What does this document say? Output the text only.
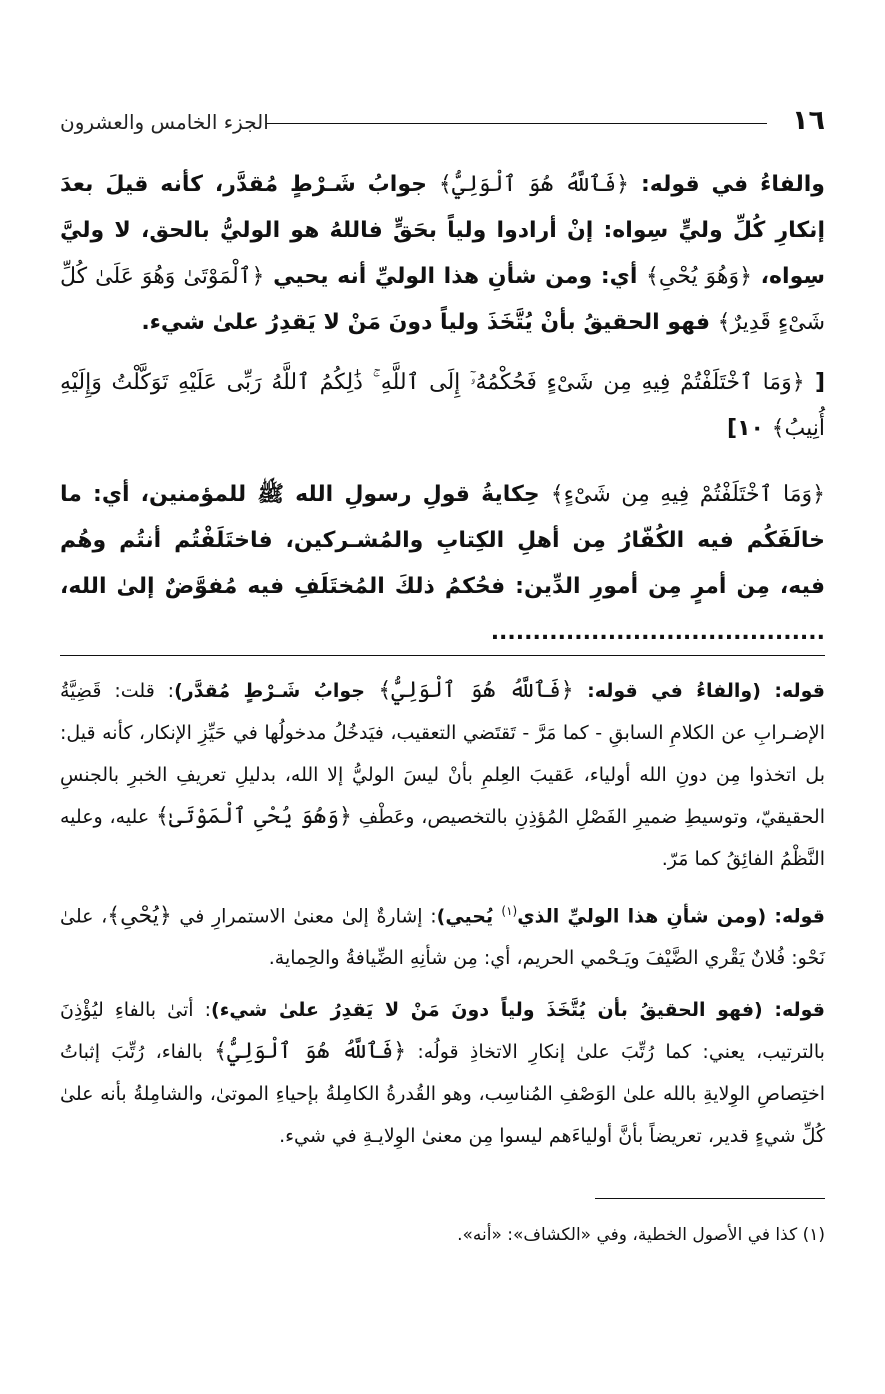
١٦
الجزء الخامس والعشرون

والفاءُ في قوله: ﴿فَٱللَّهُ هُوَ ٱلْوَلِيُّ﴾ جوابُ شَـرْطٍ مُقدَّر، كأنه قيلَ بعدَ إنكارِ كُلِّ وليٍّ سِواه: إنْ أرادوا ولياً بحَقٍّ فاللهُ هو الوليُّ بالحق، لا وليَّ سِواه، ﴿وَهُوَ يُحْىِ﴾ أي: ومن شأنِ هذا الوليِّ أنه يحيي ﴿ٱلْمَوْتَىٰ وَهُوَ عَلَىٰ كُلِّ شَىْءٍ قَدِيرٌ﴾ فهو الحقيقُ بأنْ يُتَّخَذَ ولياً دونَ مَنْ لا يَقدِرُ علىٰ شيء.

[ ﴿وَمَا ٱخْتَلَفْتُمْ فِيهِ مِن شَىْءٍ فَحُكْمُهُۥٓ إِلَى ٱللَّهِ ۚ ذَٰلِكُمُ ٱللَّهُ رَبِّى عَلَيْهِ تَوَكَّلْتُ وَإِلَيْهِ أُنِيبُ﴾ ١٠]

﴿وَمَا ٱخْتَلَفْتُمْ فِيهِ مِن شَىْءٍ﴾ حِكايةُ قولِ رسولِ الله ﷺ للمؤمنين، أي: ما خالَفَكُم فيه الكُفّارُ مِن أهلِ الكِتابِ والمُشـركين، فاختَلَفْتُم أنتُم وهُم فيه، مِن أمرٍ مِن أمورِ الدِّين: فحُكمُ ذلكَ المُختَلَفِ فيه مُفوَّضٌ إلىٰ الله، ........................................

قوله: (والفاءُ في قوله: ﴿فَٱللَّهُ هُوَ ٱلْوَلِيُّ﴾ جوابُ شَـرْطٍ مُقدَّر): قلت: قَضِيَّةُ الإضـرابِ عن الكلامِ السابقِ - كما مَرَّ - تَقتَضي التعقيب، فيَدخُلُ مدخولُها في حَيِّزِ الإنكار، كأنه قيل: بل اتخذوا مِن دونِ الله أولياء، عَقيبَ العِلمِ بأنْ ليسَ الوليُّ إلا الله، بدليلِ تعريفِ الخبرِ بالجنسِ الحقيقيّ، وتوسيطِ ضميرِ الفَصْلِ المُؤذِنِ بالتخصيص، وعَطْفِ ﴿وَهُوَ يُحْىِ ٱلْمَوْتَىٰ﴾ عليه، وعليه النَّظْمُ الفائِقُ كما مَرّ.

قوله: (ومن شأنِ هذا الوليِّ الذي$^{(١)}$ يُحيي): إشارةٌ إلىٰ معنىٰ الاستمرارِ في ﴿يُحْىِ﴾، علىٰ نَحْو: فُلانٌ يَقْري الضَّيْفَ ويَـحْمي الحريم، أي: مِن شأنِهِ الضِّيافةُ والحِماية.

قوله: (فهو الحقيقُ بأن يُتَّخَذَ ولياً دونَ مَنْ لا يَقدِرُ علىٰ شيء): أتىٰ بالفاءِ ليُؤْذِنَ بالترتيب، يعني: كما رُتِّبَ علىٰ إنكارِ الاتخاذِ قولُه: ﴿فَٱللَّهُ هُوَ ٱلْوَلِيُّ﴾ بالفاء، رُتِّبَ إثباتُ اختِصاصِ الوِلايةِ بالله علىٰ الوَصْفِ المُناسِب، وهو القُدرةُ الكامِلةُ بإحياءِ الموتىٰ، والشامِلةُ بأنه علىٰ كُلِّ شيءٍ قدير، تعريضاً بأنَّ أولياءَهم ليسوا مِن معنىٰ الوِلايـةِ في شيء.

(١) كذا في الأصول الخطية، وفي «الكشاف»: «أنه».
